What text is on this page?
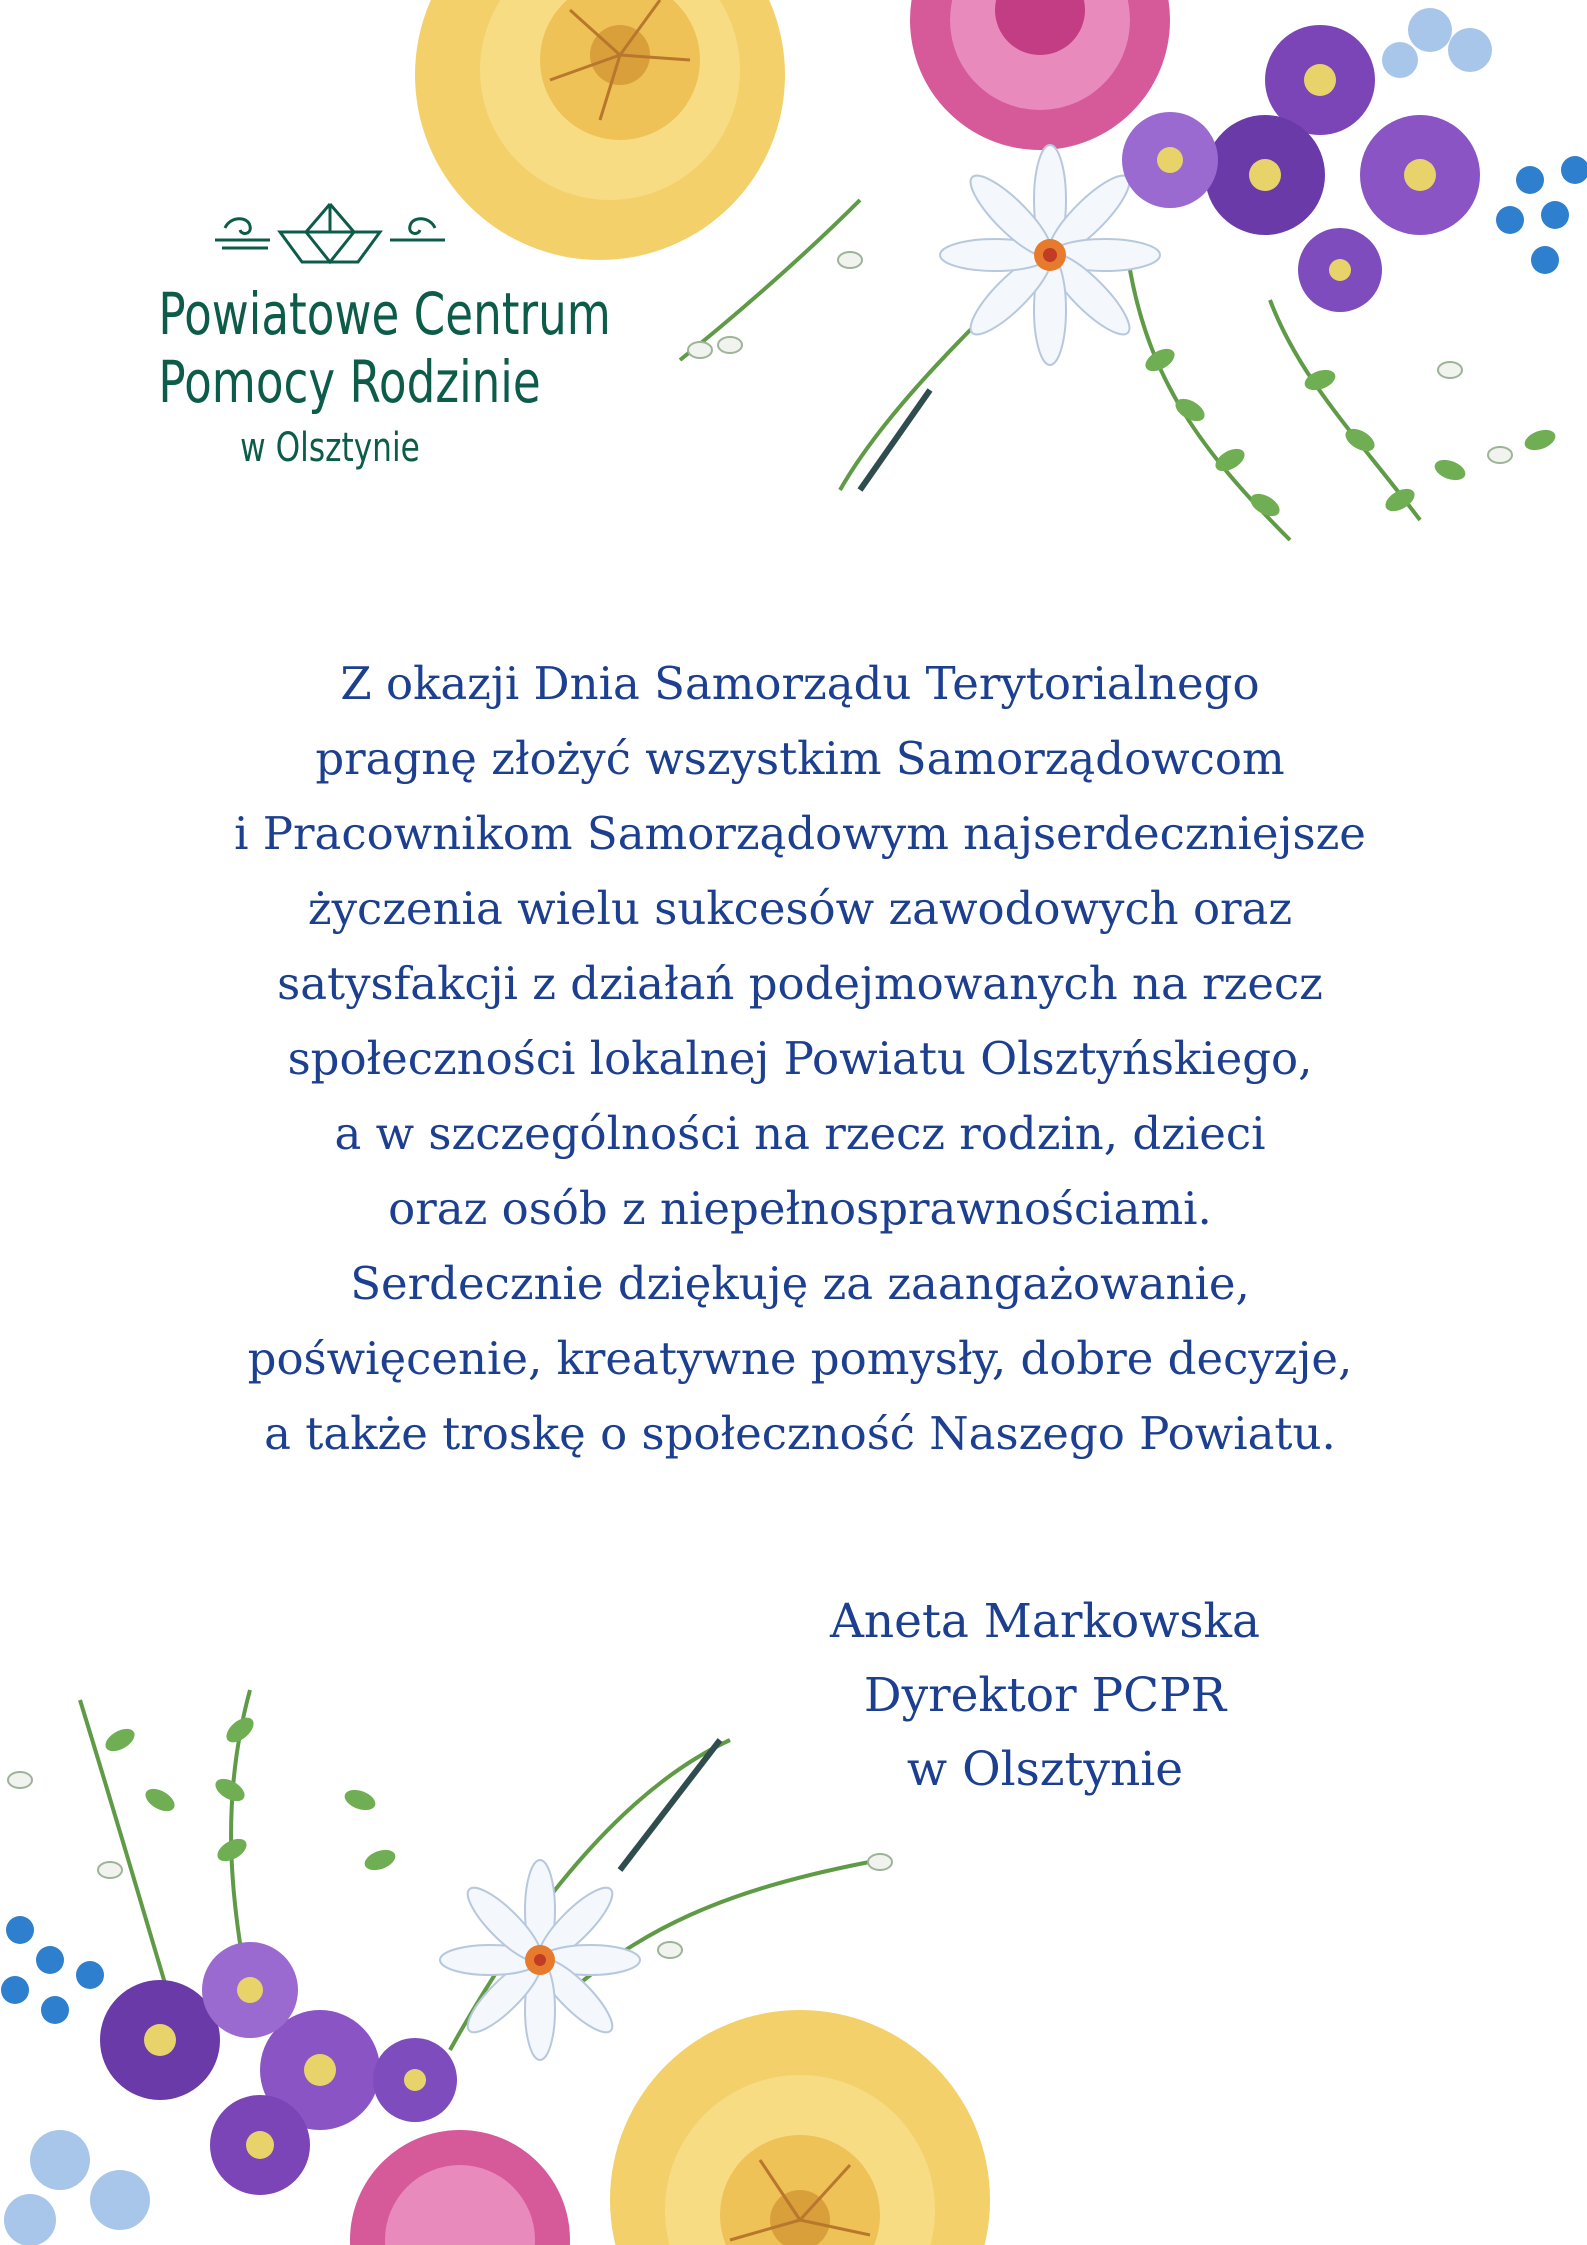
Powiatowe Centrum
Pomocy Rodzinie
w Olsztynie
Z okazji Dnia Samorządu Terytorialnego
pragnę złożyć wszystkim Samorządowcom
i Pracownikom Samorządowym najserdeczniejsze
życzenia wielu sukcesów zawodowych oraz
satysfakcji z działań podejmowanych na rzecz
społeczności lokalnej Powiatu Olsztyńskiego,
a w szczególności na rzecz rodzin, dzieci
oraz osób z niepełnosprawnościami.
Serdecznie dziękuję za zaangażowanie,
poświęcenie, kreatywne pomysły, dobre decyzje,
a także troskę o społeczność Naszego Powiatu.
Aneta Markowska
Dyrektor PCPR
w Olsztynie
